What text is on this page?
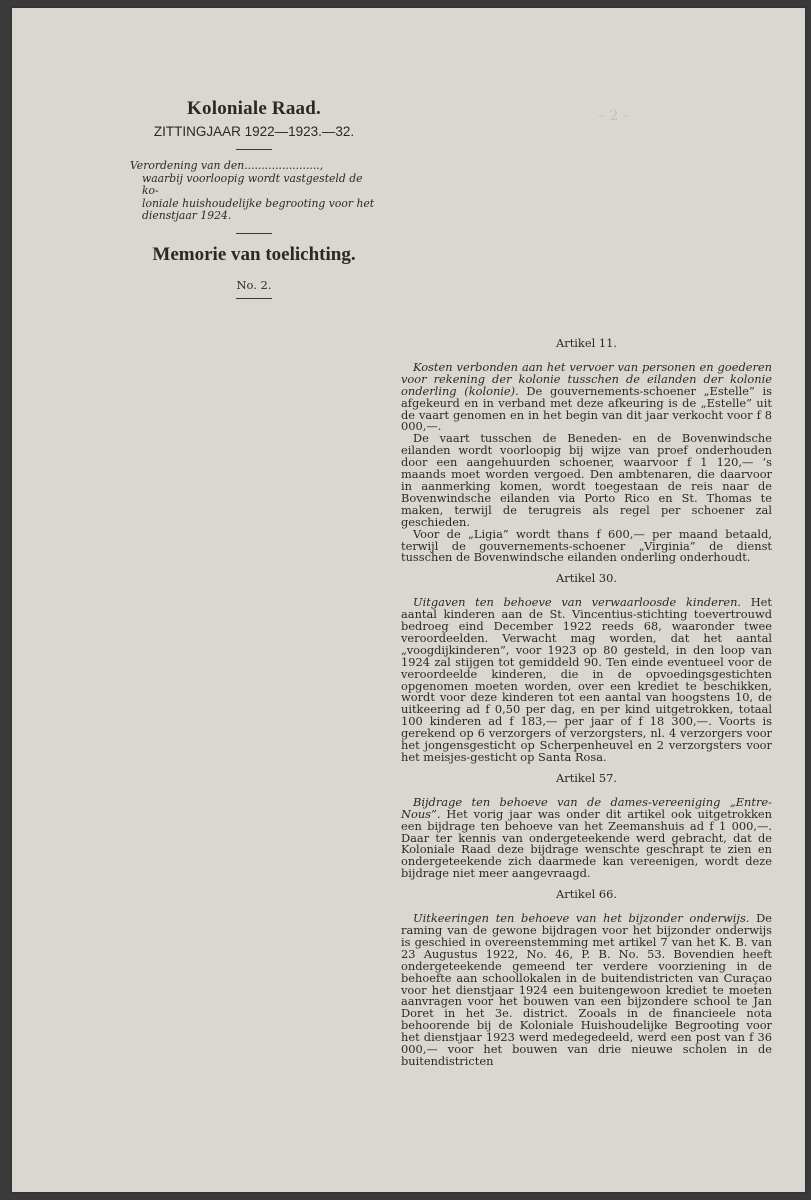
– 2 –

Koloniale Raad.

ZITTINGJAAR 1922—1923.—32.

Verordening van den......................,

waarbij voorloopig wordt vastgesteld de ko-
loniale huishoudelijke begrooting voor het
dienstjaar 1924.

Memorie van toelichting.

No. 2.

Artikel 11.

Kosten verbonden aan het vervoer van personen en goederen voor rekening der kolonie tusschen de eilanden der kolonie onderling (kolonie). De gouvernements-schoener „Estelle” is afgekeurd en in verband met deze afkeuring is de „Estelle” uit de vaart genomen en in het begin van dit jaar verkocht voor f 8 000,—.

De vaart tusschen de Beneden- en de Bovenwindsche eilanden wordt voorloopig bij wijze van proef onderhouden door een aangehuurden schoener, waarvoor f 1 120,— ’s maands moet worden vergoed. Den ambtenaren, die daarvoor in aanmerking komen, wordt toegestaan de reis naar de Bovenwindsche eilanden via Porto Rico en St. Thomas te maken, terwijl de terugreis als regel per schoener zal geschieden.

Voor de „Ligia” wordt thans f 600,— per maand betaald, terwijl de gouvernements-schoener „Virginia” de dienst tusschen de Bovenwindsche eilanden onderling onderhoudt.

Artikel 30.

Uitgaven ten behoeve van verwaarloosde kinderen. Het aantal kinderen aan de St. Vincentius-stichting toevertrouwd bedroeg eind December 1922 reeds 68, waaronder twee veroordeelden. Verwacht mag worden, dat het aantal „voogdijkinderen”, voor 1923 op 80 gesteld, in den loop van 1924 zal stijgen tot gemiddeld 90. Ten einde eventueel voor de veroordeelde kinderen, die in de opvoedingsgestichten opgenomen moeten worden, over een krediet te beschikken, wordt voor deze kinderen tot een aantal van hoogstens 10, de uitkeering ad f 0,50 per dag, en per kind uitgetrokken, totaal 100 kinderen ad f 183,— per jaar of f 18 300,—. Voorts is gerekend op 6 verzorgers of verzorgsters, nl. 4 verzorgers voor het jongensgesticht op Scherpenheuvel en 2 verzorgsters voor het meisjes-gesticht op Santa Rosa.

Artikel 57.

Bijdrage ten behoeve van de dames-vereeniging „Entre-Nous”. Het vorig jaar was onder dit artikel ook uitgetrokken een bijdrage ten behoeve van het Zeemanshuis ad f 1 000,—. Daar ter kennis van ondergeteekende werd gebracht, dat de Koloniale Raad deze bijdrage wenschte geschrapt te zien en ondergeteekende zich daarmede kan vereenigen, wordt deze bijdrage niet meer aangevraagd.

Artikel 66.

Uitkeeringen ten behoeve van het bijzonder onderwijs. De raming van de gewone bijdragen voor het bijzonder onderwijs is geschied in overeenstemming met artikel 7 van het K. B. van 23 Augustus 1922, No. 46, P. B. No. 53. Bovendien heeft ondergeteekende gemeend ter verdere voorziening in de behoefte aan schoollokalen in de buitendistricten van Curaçao voor het dienstjaar 1924 een buitengewoon krediet te moeten aanvragen voor het bouwen van een bijzondere school te Jan Doret in het 3e. district. Zooals in de financieele nota behoorende bij de Koloniale Huishoudelijke Begrooting voor het dienstjaar 1923 werd medegedeeld, werd een post van f 36 000,— voor het bouwen van drie nieuwe scholen in de buitendistricten
